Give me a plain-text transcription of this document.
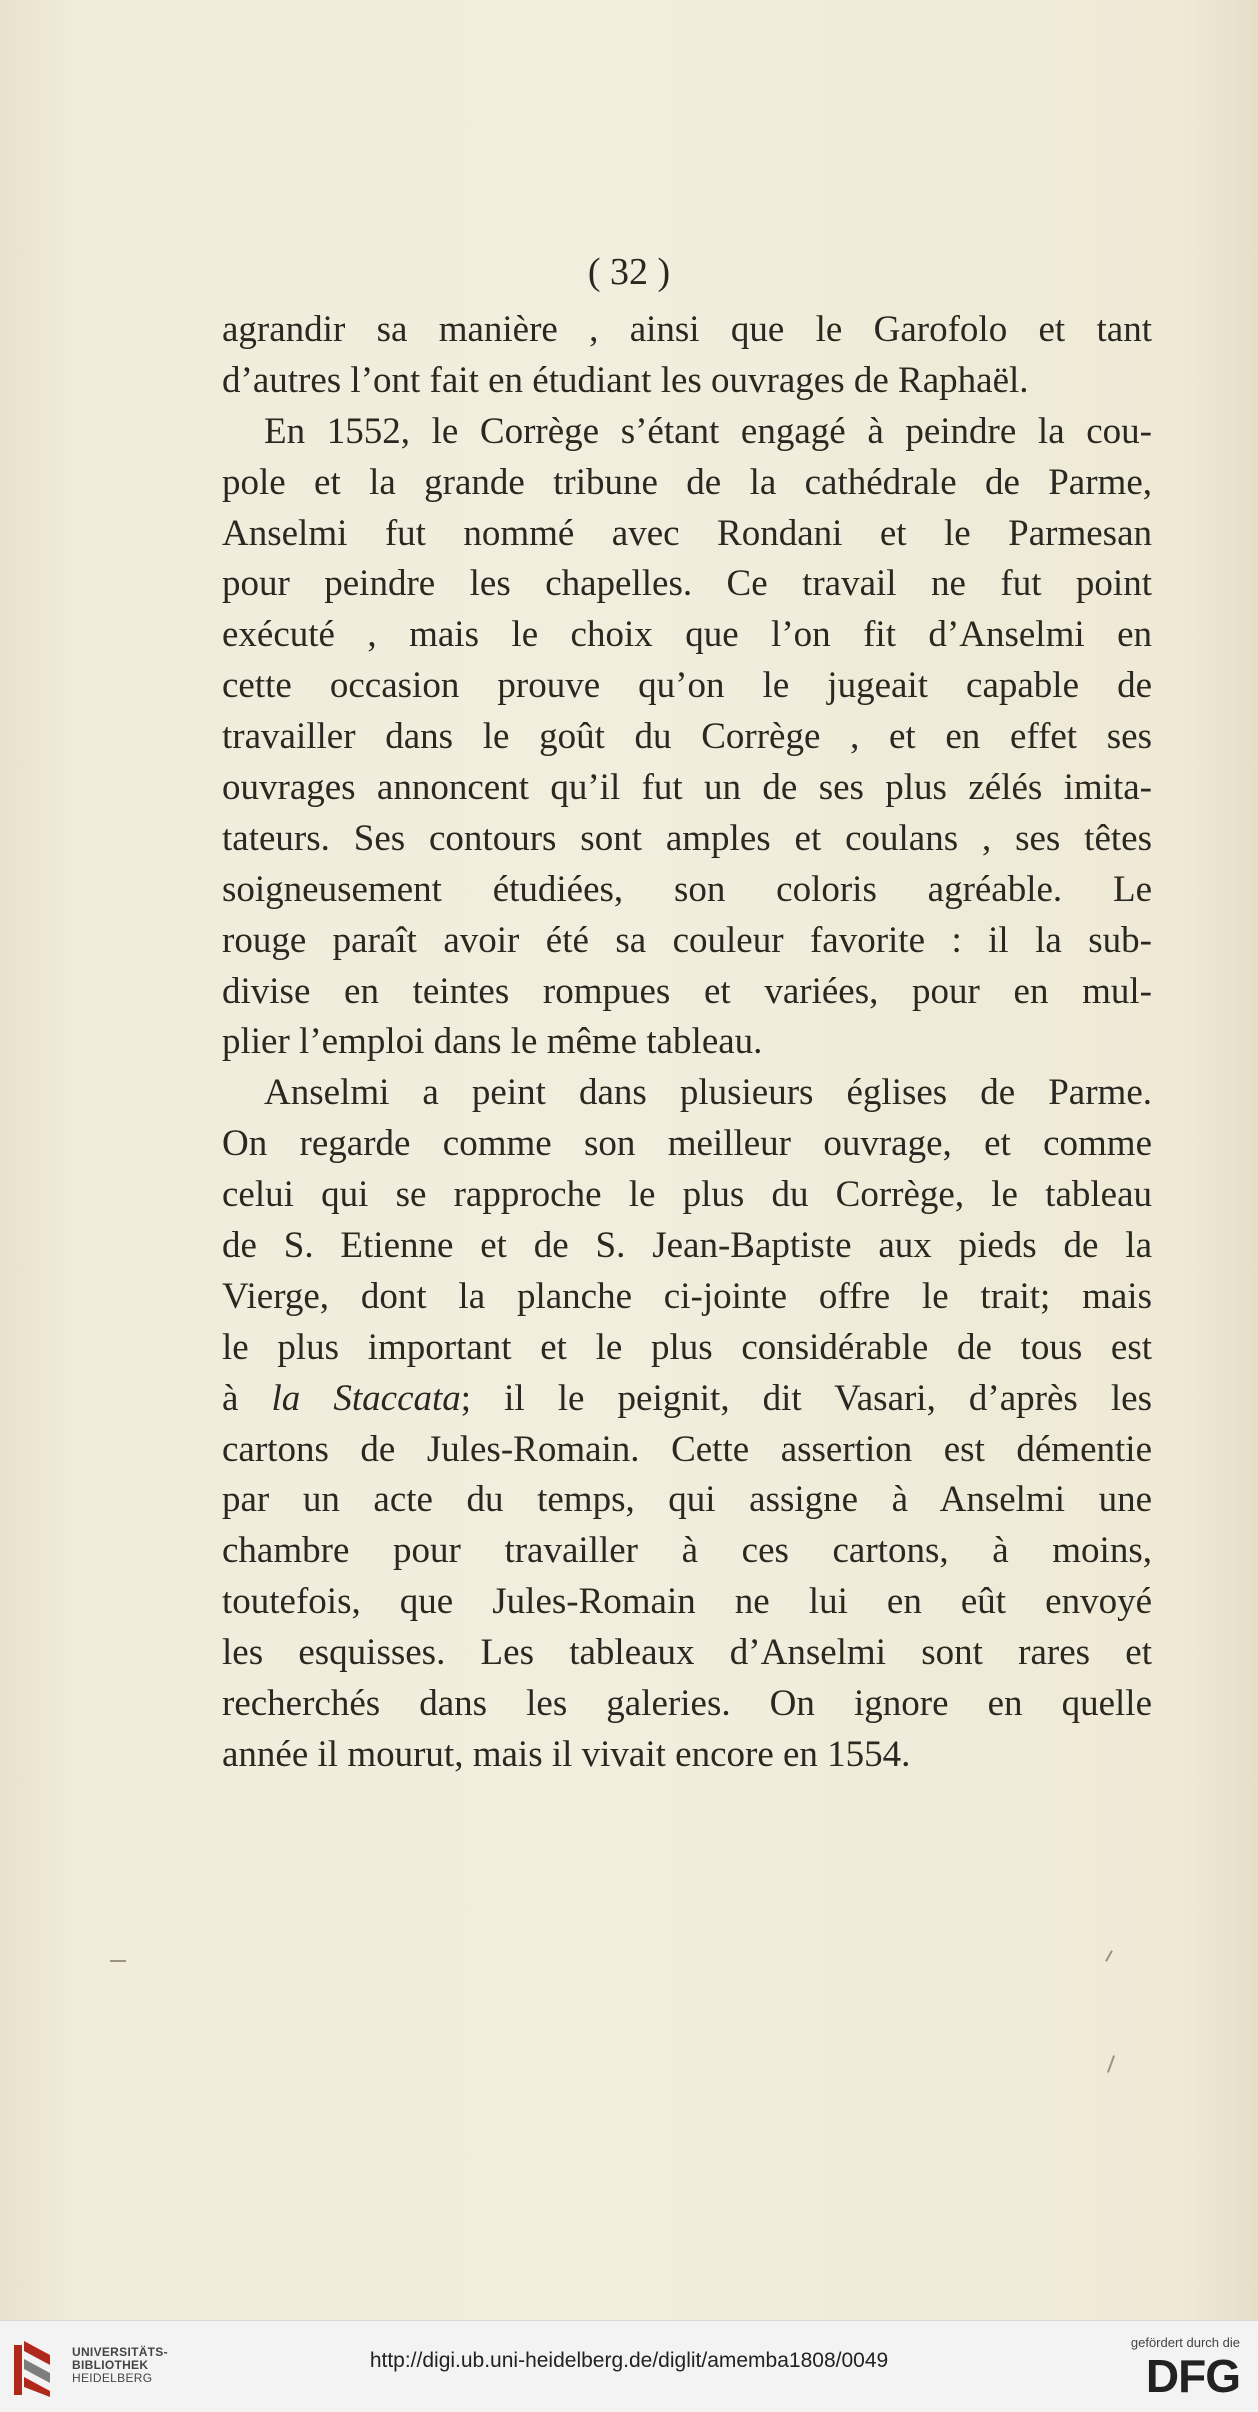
( 32 )
agrandir sa manière , ainsi que le Garofolo et tant
d’autres l’ont fait en étudiant les ouvrages de Raphaël.
En 1552, le Corrège s’étant engagé à peindre la cou-
pole et la grande tribune de la cathédrale de Parme,
Anselmi fut nommé avec Rondani et le Parmesan
pour peindre les chapelles. Ce travail ne fut point
exécuté , mais le choix que l’on fit d’Anselmi en
cette occasion prouve qu’on le jugeait capable de
travailler dans le goût du Corrège , et en effet ses
ouvrages annoncent qu’il fut un de ses plus zélés imita-
tateurs. Ses contours sont amples et coulans , ses têtes
soigneusement étudiées, son coloris agréable. Le
rouge paraît avoir été sa couleur favorite : il la sub-
divise en teintes rompues et variées, pour en mul-
plier l’emploi dans le même tableau.
Anselmi a peint dans plusieurs églises de Parme.
On regarde comme son meilleur ouvrage, et comme
celui qui se rapproche le plus du Corrège, le tableau
de S. Etienne et de S. Jean-Baptiste aux pieds de la
Vierge, dont la planche ci-jointe offre le trait; mais
le plus important et le plus considérable de tous est
à la Staccata; il le peignit, dit Vasari, d’après les
cartons de Jules-Romain. Cette assertion est démentie
par un acte du temps, qui assigne à Anselmi une
chambre pour travailler à ces cartons, à moins,
toutefois, que Jules-Romain ne lui en eût envoyé
les esquisses. Les tableaux d’Anselmi sont rares et
recherchés dans les galeries. On ignore en quelle
année il mourut, mais il vivait encore en 1554.
UNIVERSITÄTS-
BIBLIOTHEK
HEIDELBERG
http://digi.ub.uni-heidelberg.de/diglit/amemba1808/0049
gefördert durch die
DFG
